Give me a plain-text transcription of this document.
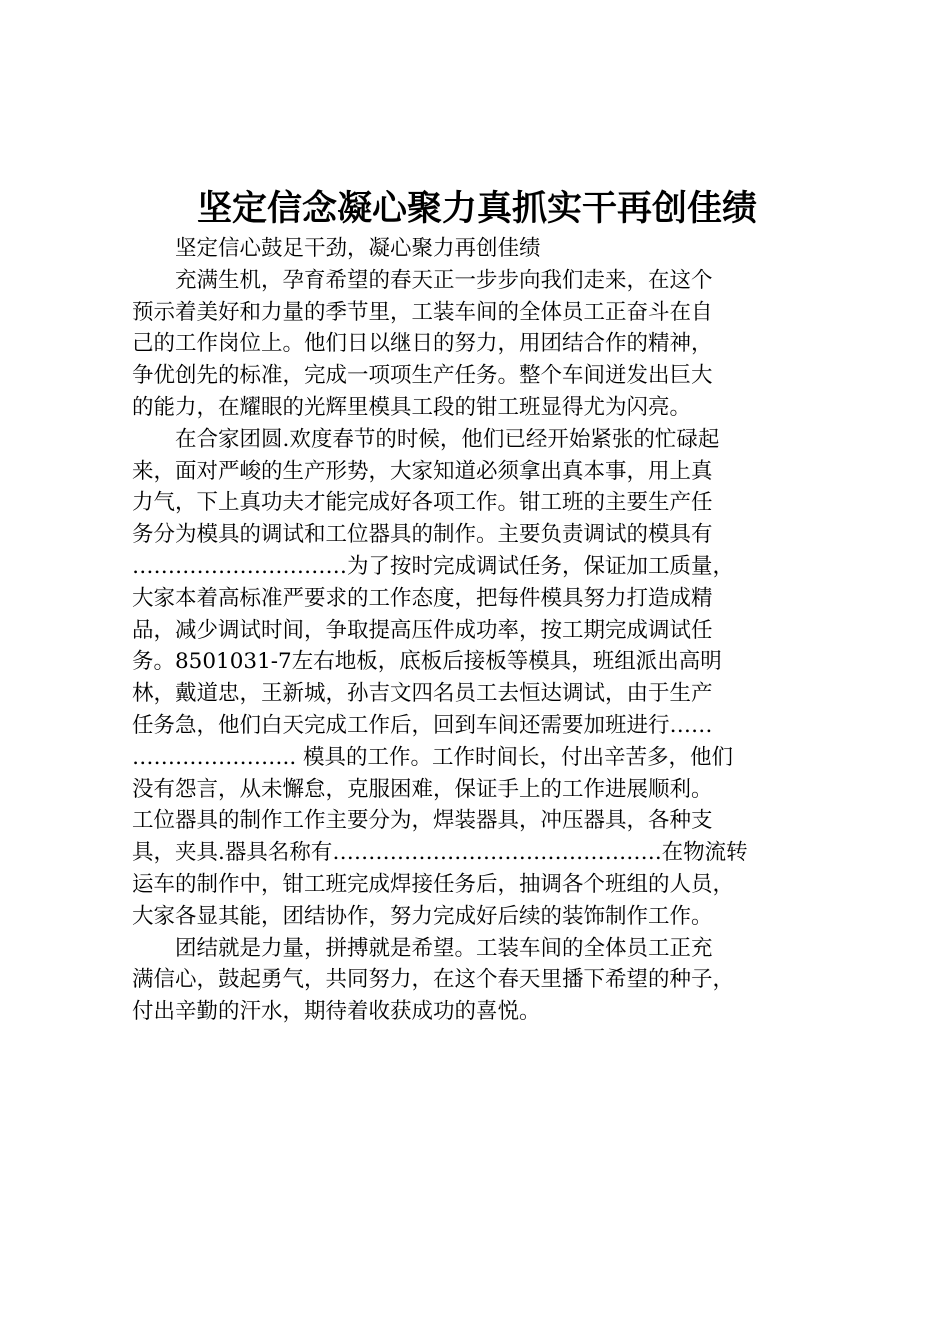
坚定信念凝心聚力真抓实干再创佳绩

坚定信心鼓足干劲，凝心聚力再创佳绩

充满生机，孕育希望的春天正一步步向我们走来，在这个
预示着美好和力量的季节里，工装车间的全体员工正奋斗在自
己的工作岗位上。他们日以继日的努力，用团结合作的精神，
争优创先的标准，完成一项项生产任务。整个车间迸发出巨大
的能力，在耀眼的光辉里模具工段的钳工班显得尤为闪亮。

在合家团圆.欢度春节的时候，他们已经开始紧张的忙碌起
来，面对严峻的生产形势，大家知道必须拿出真本事，用上真
力气，下上真功夫才能完成好各项工作。钳工班的主要生产任
务分为模具的调试和工位器具的制作。主要负责调试的模具有
…………………………为了按时完成调试任务，保证加工质量，
大家本着高标准严要求的工作态度，把每件模具努力打造成精
品，减少调试时间，争取提高压件成功率，按工期完成调试任
务。8501031-7左右地板，底板后接板等模具，班组派出高明
林，戴道忠，王新城，孙吉文四名员工去恒达调试，由于生产
任务急，他们白天完成工作后，回到车间还需要加班进行……
………………….. 模具的工作。工作时间长，付出辛苦多，他们
没有怨言，从未懈怠，克服困难，保证手上的工作进展顺利。
工位器具的制作工作主要分为，焊装器具，冲压器具，各种支
具，夹具.器具名称有……………………………………….在物流转
运车的制作中，钳工班完成焊接任务后，抽调各个班组的人员，
大家各显其能，团结协作，努力完成好后续的装饰制作工作。

团结就是力量，拼搏就是希望。工装车间的全体员工正充
满信心，鼓起勇气，共同努力，在这个春天里播下希望的种子，
付出辛勤的汗水，期待着收获成功的喜悦。
